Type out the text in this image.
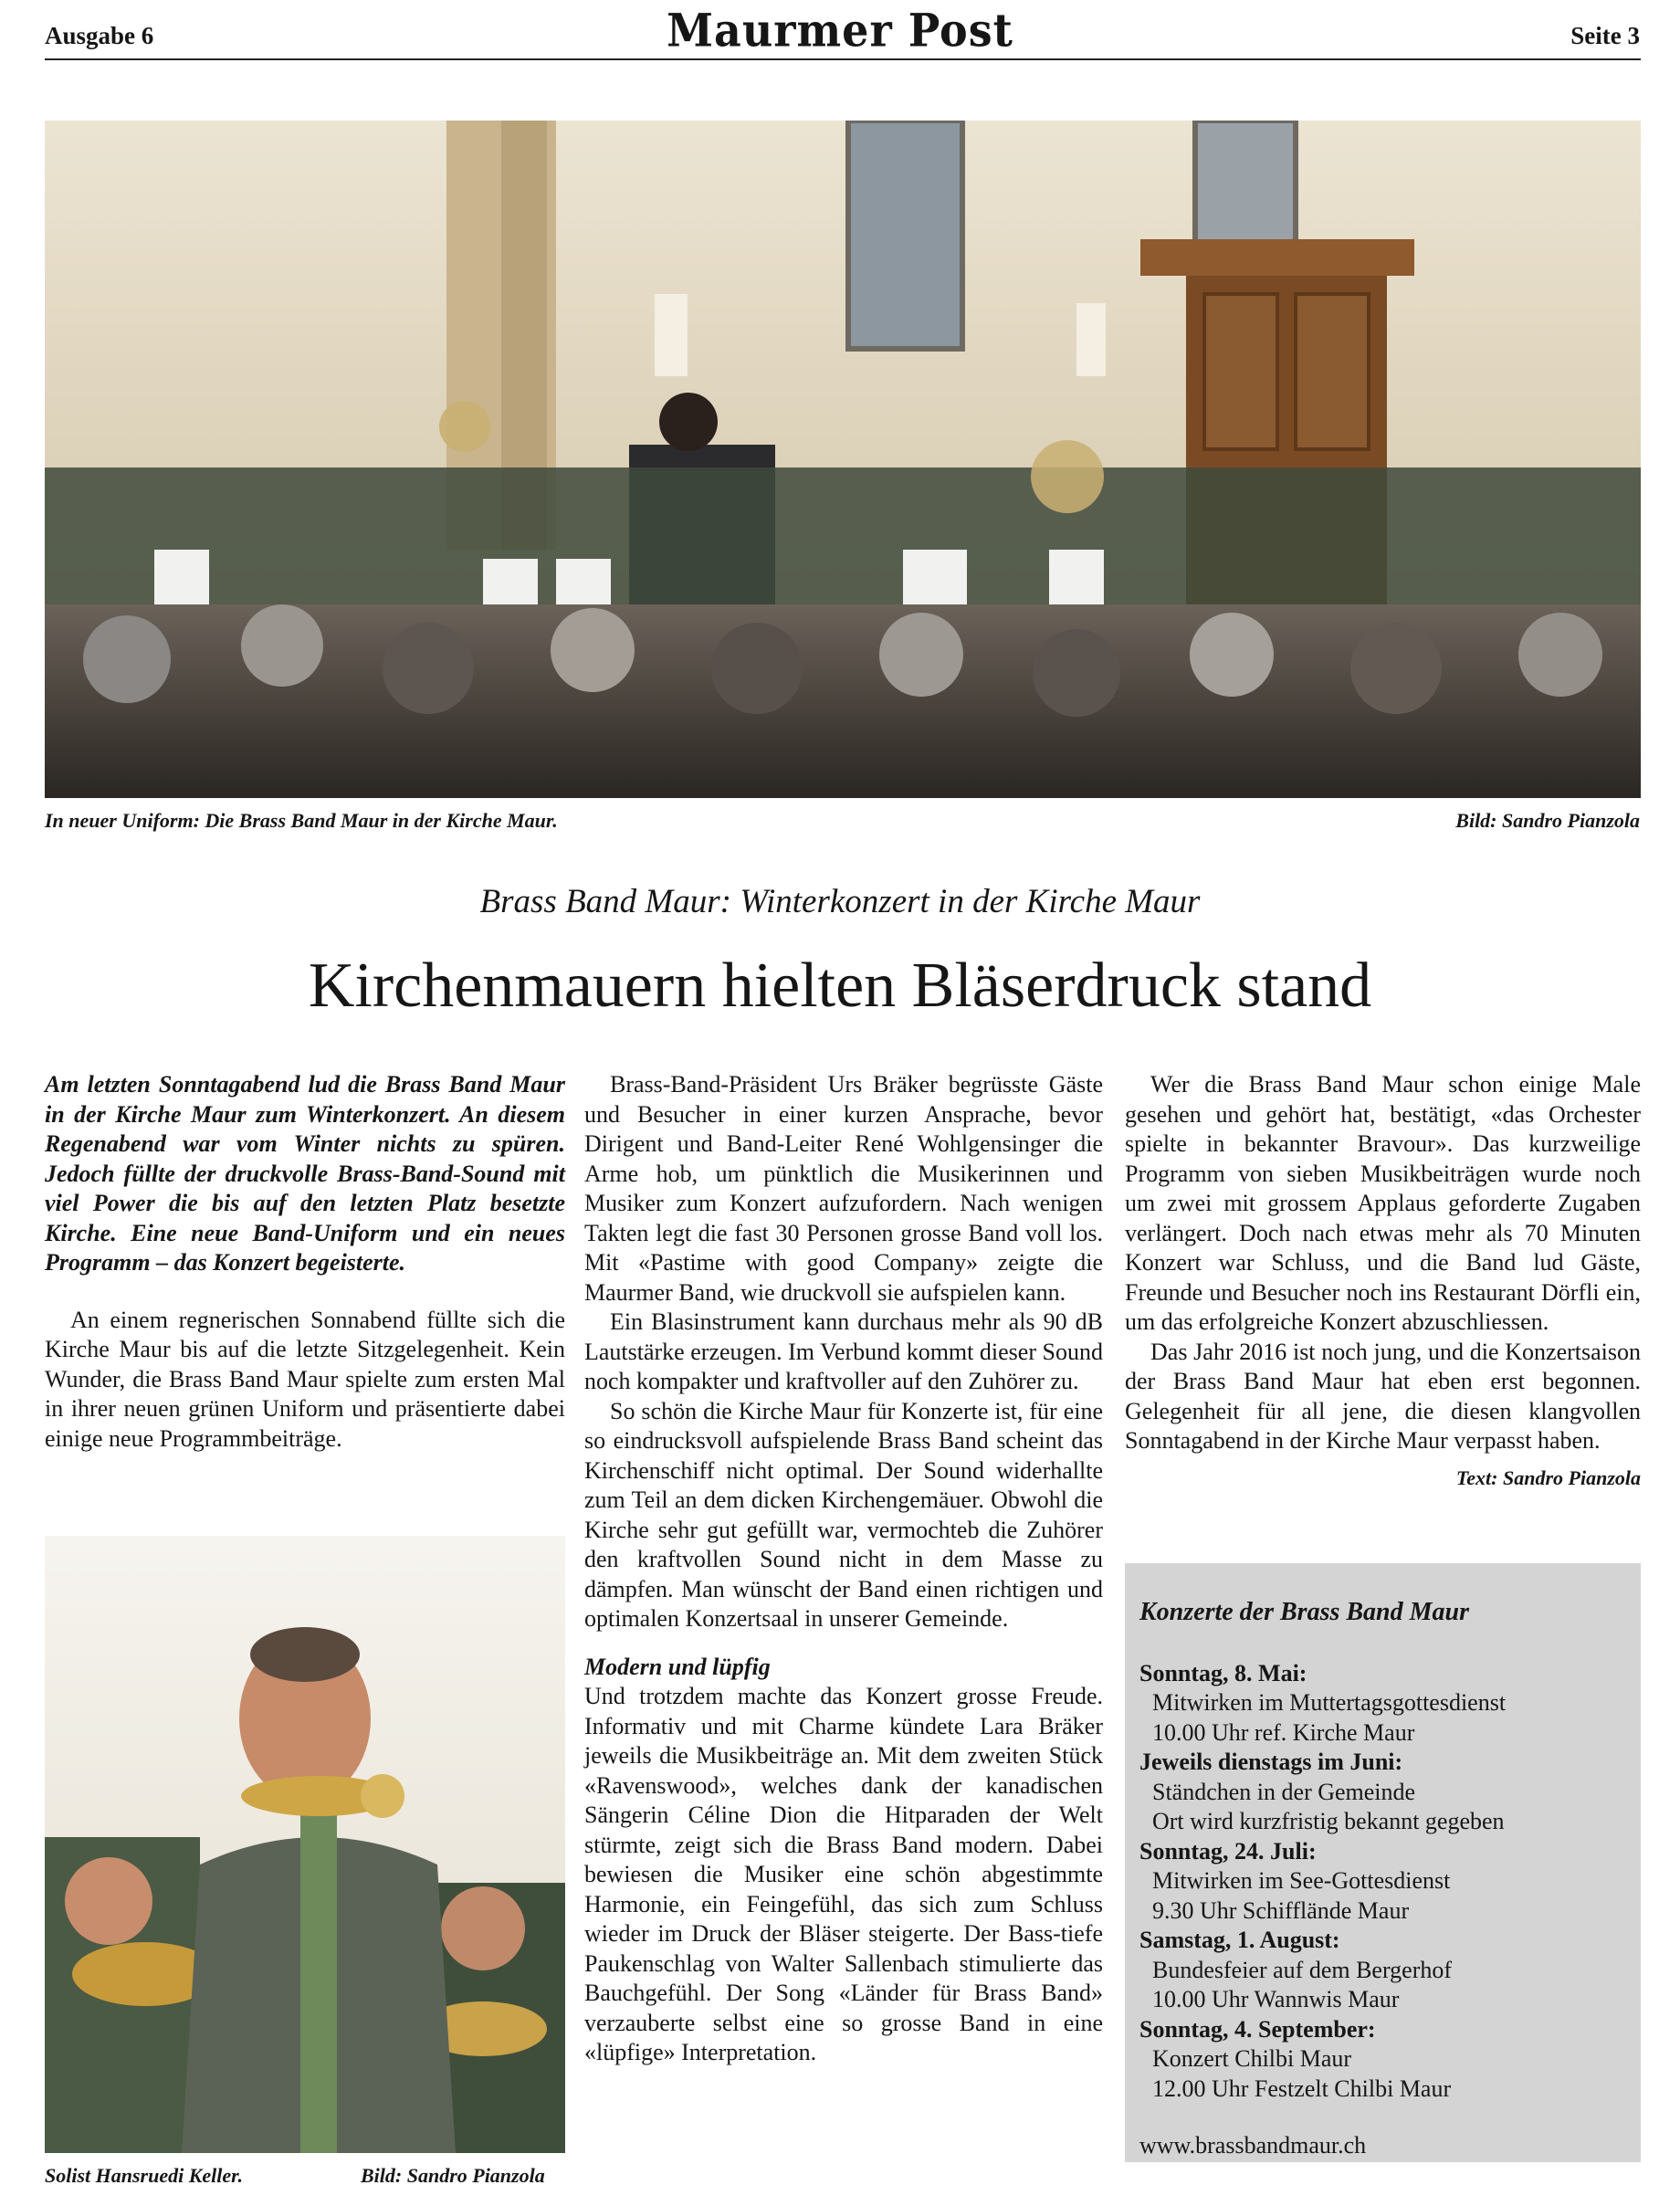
Ausgabe 6	Maurmer Post	Seite 3
In neuer Uniform: Die Brass Band Maur in der Kirche Maur.	Bild: Sandro Pianzola
Brass Band Maur: Winterkonzert in der Kirche Maur
Kirchenmauern hielten Bläserdruck stand

Am letzten Sonntagabend lud die Brass Band Maur in der Kirche Maur zum Winterkonzert. An diesem Regenabend war vom Winter nichts zu spüren. Jedoch füllte der druckvolle Brass-Band-Sound mit viel Power die bis auf den letzten Platz besetzte Kirche. Eine neue Band-Uniform und ein neues Programm – das Konzert begeisterte.

An einem regnerischen Sonnabend füllte sich die Kirche Maur bis auf die letzte Sitzgelegenheit. Kein Wunder, die Brass Band Maur spielte zum ersten Mal in ihrer neuen grünen Uniform und präsentierte dabei einige neue Programmbeiträge.

Solist Hansruedi Keller.	Bild: Sandro Pianzola

Brass-Band-Präsident Urs Bräker begrüsste Gäste und Besucher in einer kurzen Ansprache, bevor Dirigent und Band-Leiter René Wohlgensinger die Arme hob, um pünktlich die Musikerinnen und Musiker zum Konzert aufzufordern. Nach wenigen Takten legt die fast 30 Personen grosse Band voll los. Mit «Pastime with good Company» zeigte die Maurmer Band, wie druckvoll sie aufspielen kann.

Ein Blasinstrument kann durchaus mehr als 90 dB Lautstärke erzeugen. Im Verbund kommt dieser Sound noch kompakter und kraftvoller auf den Zuhörer zu.

So schön die Kirche Maur für Konzerte ist, für eine so eindrucksvoll aufspielende Brass Band scheint das Kirchenschiff nicht optimal. Der Sound widerhallte zum Teil an dem dicken Kirchengemäuer. Obwohl die Kirche sehr gut gefüllt war, vermochteb die Zuhörer den kraftvollen Sound nicht in dem Masse zu dämpfen. Man wünscht der Band einen richtigen und optimalen Konzertsaal in unserer Gemeinde.

Modern und lüpfig

Und trotzdem machte das Konzert grosse Freude. Informativ und mit Charme kündete Lara Bräker jeweils die Musikbeiträge an. Mit dem zweiten Stück «Ravenswood», welches dank der kanadischen Sängerin Céline Dion die Hitparaden der Welt stürmte, zeigt sich die Brass Band modern. Dabei bewiesen die Musiker eine schön abgestimmte Harmonie, ein Feingefühl, das sich zum Schluss wieder im Druck der Bläser steigerte. Der Bass-tiefe Paukenschlag von Walter Sallenbach stimulierte das Bauchgefühl. Der Song «Länder für Brass Band» verzauberte selbst eine so grosse Band in eine «lüpfige» Interpretation.

Wer die Brass Band Maur schon einige Male gesehen und gehört hat, bestätigt, «das Orchester spielte in bekannter Bravour». Das kurzweilige Programm von sieben Musikbeiträgen wurde noch um zwei mit grossem Applaus geforderte Zugaben verlängert. Doch nach etwas mehr als 70 Minuten Konzert war Schluss, und die Band lud Gäste, Freunde und Besucher noch ins Restaurant Dörfli ein, um das erfolgreiche Konzert abzuschliessen.

Das Jahr 2016 ist noch jung, und die Konzertsaison der Brass Band Maur hat eben erst begonnen. Gelegenheit für all jene, die diesen klangvollen Sonntagabend in der Kirche Maur verpasst haben.

Text: Sandro Pianzola
Konzerte der Brass Band Maur
Sonntag, 8. Mai:
Mitwirken im Muttertagsgottesdienst
10.00 Uhr ref. Kirche Maur
Jeweils dienstags im Juni:
Ständchen in der Gemeinde
Ort wird kurzfristig bekannt gegeben
Sonntag, 24. Juli:
Mitwirken im See-Gottesdienst
9.30 Uhr Schifflände Maur
Samstag, 1. August:
Bundesfeier auf dem Bergerhof
10.00 Uhr Wannwis Maur
Sonntag, 4. September:
Konzert Chilbi Maur
12.00 Uhr Festzelt Chilbi Maur
www.brassbandmaur.ch
